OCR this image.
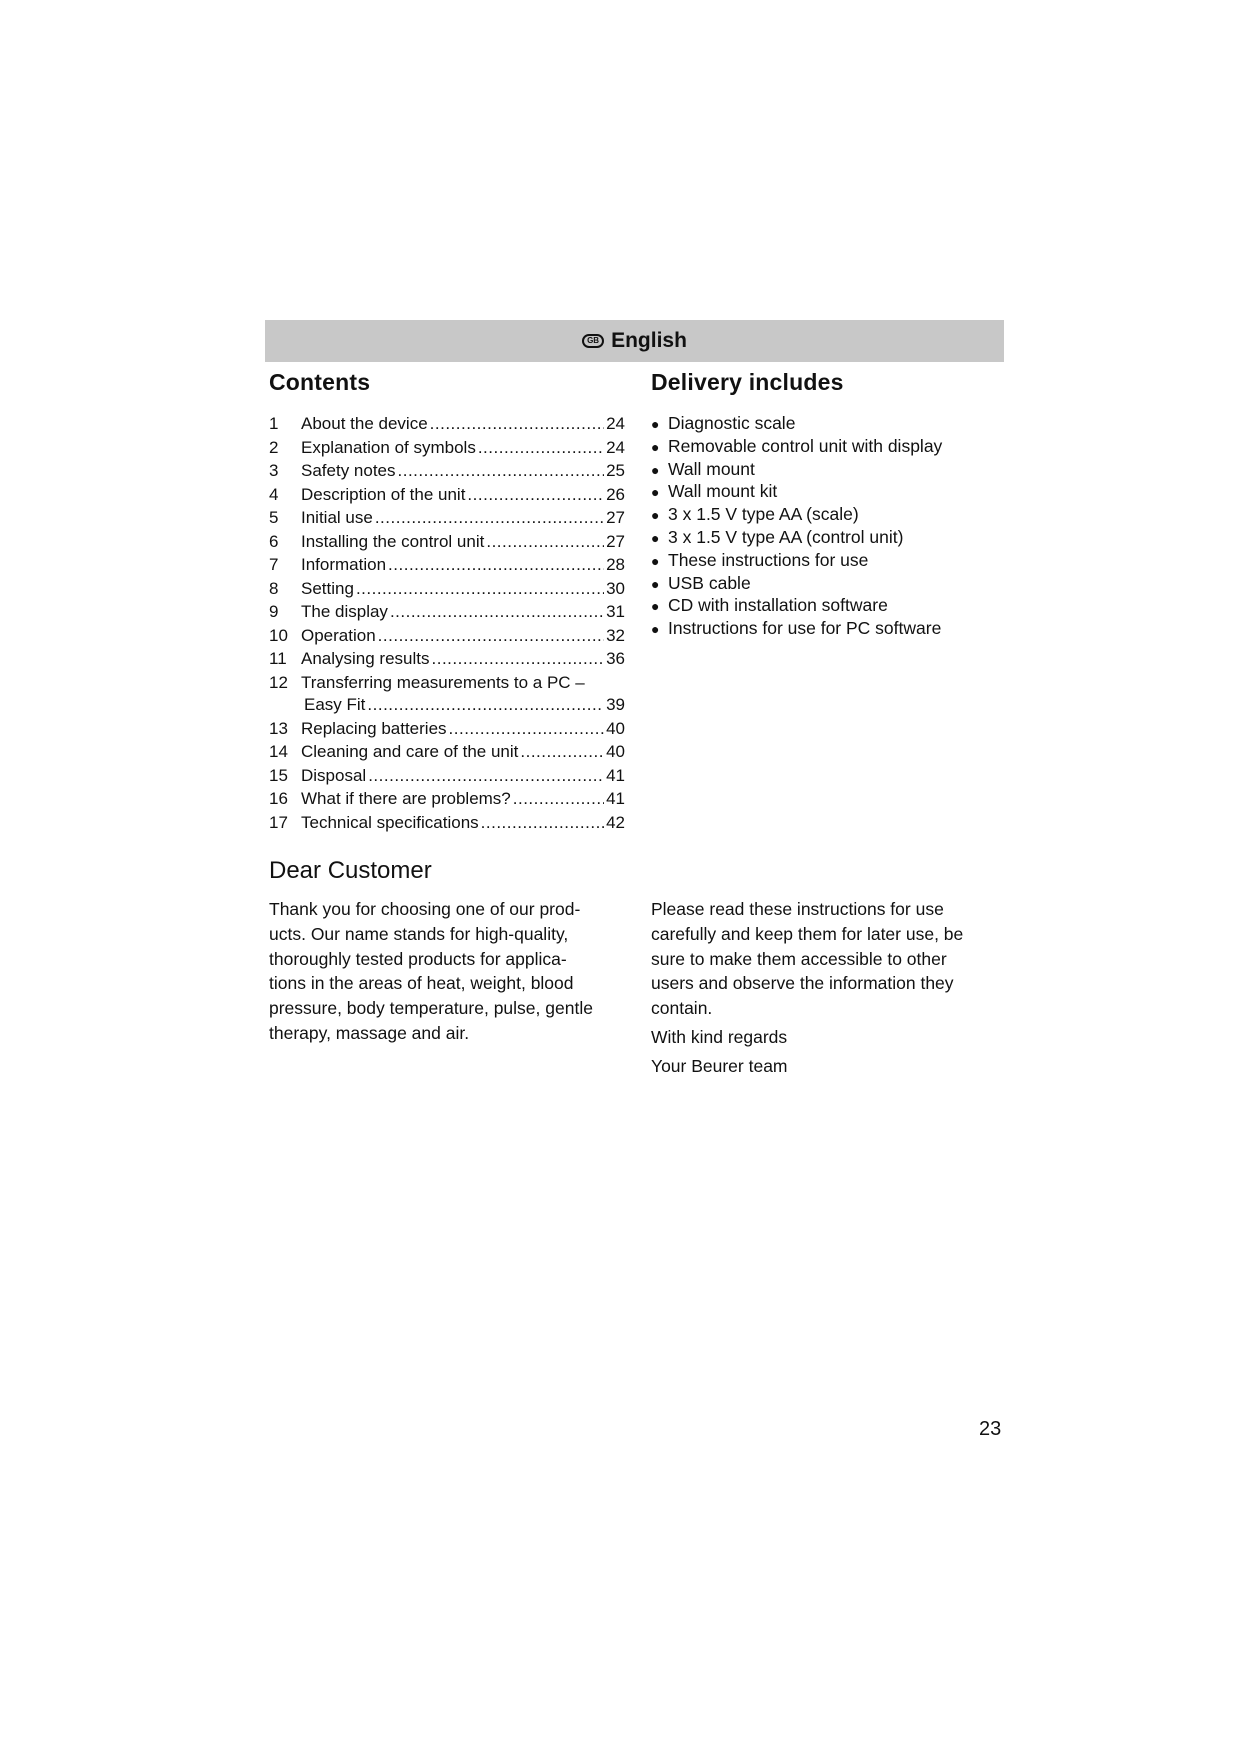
GB English
Contents	Delivery includes
1	About the device .....	24
2	Explanation of symbols .....	24
3	Safety notes .....	25
4	Description of the unit .....	26
5	Initial use .....	27
6	Installing the control unit .....	27
7	Information .....	28
8	Setting .....	30
9	The display .....	31
10 Operation .....	32
11 Analysing results .....	36
12 Transferring measurements to a PC –
Easy Fit .....	39
13 Replacing batteries .....	40
14 Cleaning and care of the unit .....	40
15 Disposal .....	41
16 What if there are problems? .....	41
17 Technical specifications .....	42
● Diagnostic scale
● Removable control unit with display
● Wall mount
● Wall mount kit
● 3 x 1.5 V type AA (scale)
● 3 x 1.5 V type AA (control unit)
● These instructions for use
● USB cable
● CD with installation software
● Instructions for use for PC software
Dear Customer
Thank you for choosing one of our prod-
ucts. Our name stands for high-quality,
thoroughly tested products for applica-
tions in the areas of heat, weight, blood
pressure, body temperature, pulse, gentle
therapy, massage and air.
Please read these instructions for use
carefully and keep them for later use, be
sure to make them accessible to other
users and observe the information they
contain.

With kind regards

Your Beurer team

23
